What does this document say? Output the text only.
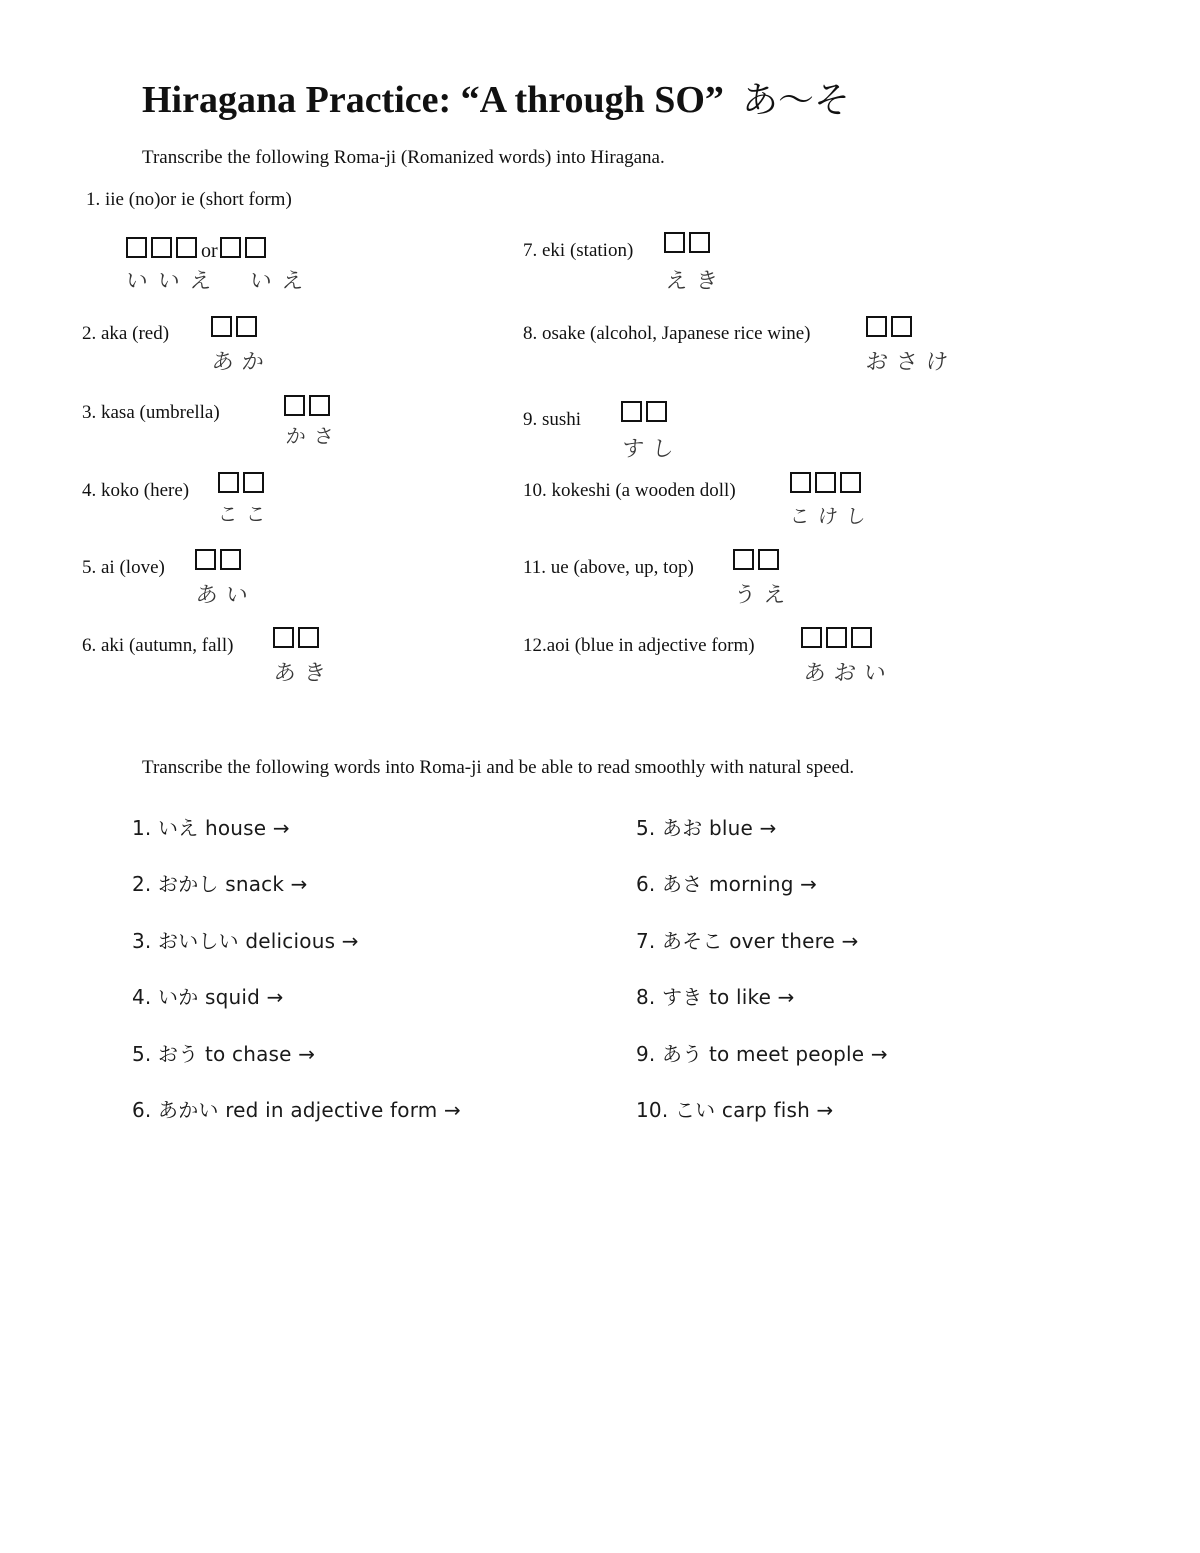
Hiragana Practice: “A through SO” あ～そ
Transcribe the following Roma-ji (Romanized words) into Hiragana.
1. iie (no)or ie (short form)
or
いいえ いえ
2. aka (red)
あか
3. kasa (umbrella)
かさ
4. koko (here)
ここ
5. ai (love)
あい
6. aki (autumn, fall)
あき
7. eki (station)
えき
8. osake (alcohol, Japanese rice wine)
おさけ
9. sushi
すし
10. kokeshi (a wooden doll)
こけし
11. ue (above, up, top)
うえ
12.aoi (blue in adjective form)
あおい
Transcribe the following words into Roma-ji and be able to read smoothly with natural speed.
1. いえ house →
2. おかし snack →
3. おいしい delicious →
4. いか squid →
5. おう to chase →
6. あかい red in adjective form →
5. あお blue →
6. あさ morning →
7. あそこ over there →
8. すき to like →
9. あう to meet people →
10. こい carp fish →
